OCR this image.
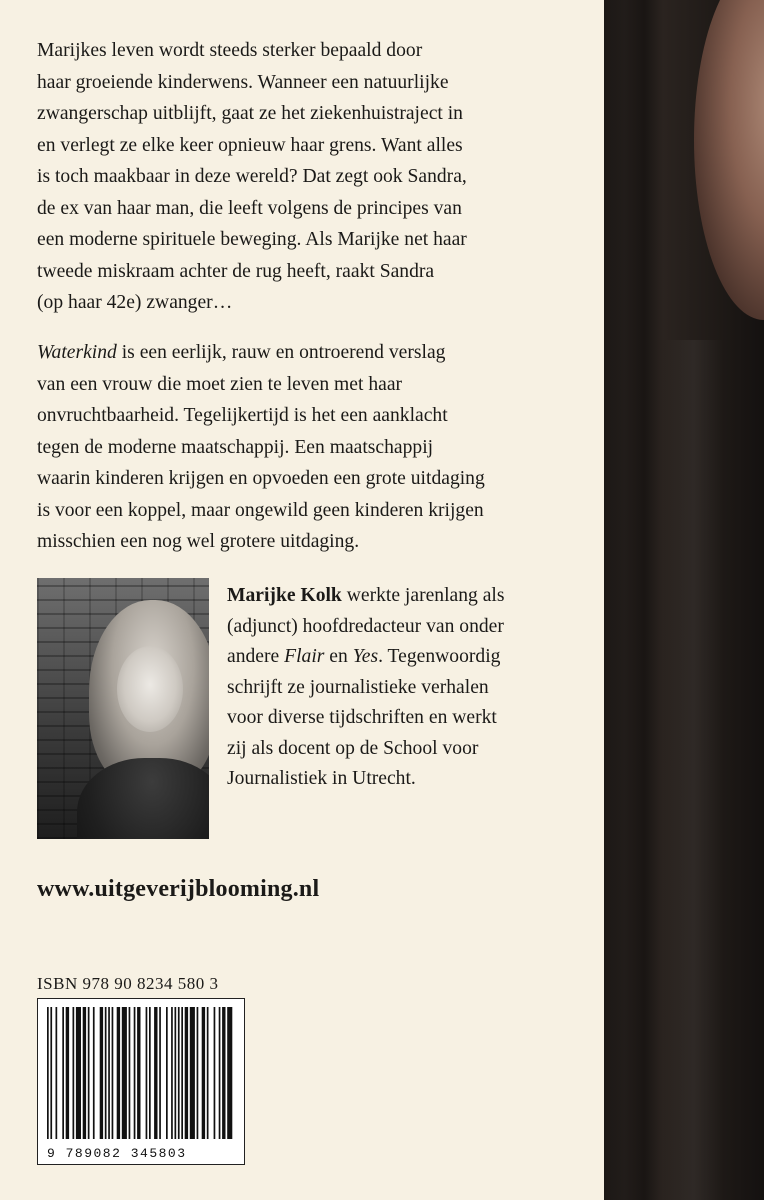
Marijkes leven wordt steeds sterker bepaald door
haar groeiende kinderwens. Wanneer een natuurlijke
zwangerschap uitblijft, gaat ze het ziekenhuistraject in
en verlegt ze elke keer opnieuw haar grens. Want alles
is toch maakbaar in deze wereld? Dat zegt ook Sandra,
de ex van haar man, die leeft volgens de principes van
een moderne spirituele beweging. Als Marijke net haar
tweede miskraam achter de rug heeft, raakt Sandra
(op haar 42e) zwanger…

Waterkind is een eerlijk, rauw en ontroerend verslag
van een vrouw die moet zien te leven met haar
onvruchtbaarheid. Tegelijkertijd is het een aanklacht
tegen de moderne maatschappij. Een maatschappij
waarin kinderen krijgen en opvoeden een grote uitdaging
is voor een koppel, maar ongewild geen kinderen krijgen
misschien een nog wel grotere uitdaging.

Marijke Kolk werkte jarenlang als
(adjunct) hoofdredacteur van onder
andere Flair en Yes. Tegenwoordig
schrijft ze journalistieke verhalen
voor diverse tijdschriften en werkt
zij als docent op de School voor
Journalistiek in Utrecht.

www.uitgeverijblooming.nl

ISBN 978 90 8234 580 3

9 789082 345803
